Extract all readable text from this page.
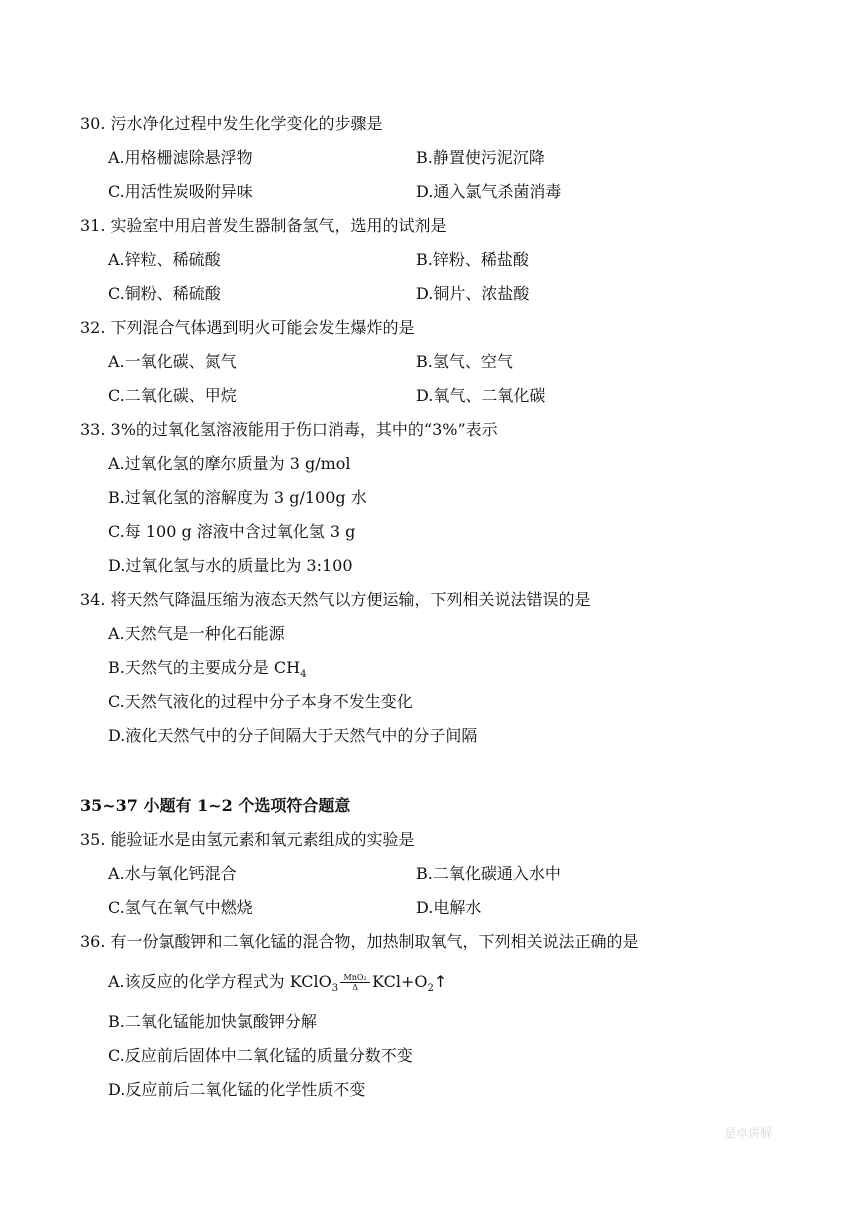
30. 污水净化过程中发生化学变化的步骤是
A.用格栅滤除悬浮物	B.静置使污泥沉降
C.用活性炭吸附异味	D.通入氯气杀菌消毒
31. 实验室中用启普发生器制备氢气，选用的试剂是
A.锌粒、稀硫酸	B.锌粉、稀盐酸
C.铜粉、稀硫酸	D.铜片、浓盐酸
32. 下列混合气体遇到明火可能会发生爆炸的是
A.一氧化碳、氮气	B.氢气、空气
C.二氧化碳、甲烷	D.氧气、二氧化碳
33. 3%的过氧化氢溶液能用于伤口消毒，其中的“3%”表示
A.过氧化氢的摩尔质量为 3 g/mol
B.过氧化氢的溶解度为 3 g/100g 水
C.每 100 g 溶液中含过氧化氢 3 g
D.过氧化氢与水的质量比为 3:100
34. 将天然气降温压缩为液态天然气以方便运输，下列相关说法错误的是
A.天然气是一种化石能源
B.天然气的主要成分是 $CH_4$
C.天然气液化的过程中分子本身不发生变化
D.液化天然气中的分子间隔大于天然气中的分子间隔
35~37 小题有 1~2 个选项符合题意
35. 能验证水是由氢元素和氧元素组成的实验是
A.水与氧化钙混合	B.二氧化碳通入水中
C.氢气在氧气中燃烧	D.电解水
36. 有一份氯酸钾和二氧化锰的混合物，加热制取氧气，下列相关说法正确的是
A.该反应的化学方程式为 KClO$_3$
MnO₂
Δ $KCl+O_2↑$
B.二氧化锰能加快氯酸钾分解
C.反应前后固体中二氧化锰的质量分数不变
D.反应前后二氧化锰的化学性质不变
是卓讲解
